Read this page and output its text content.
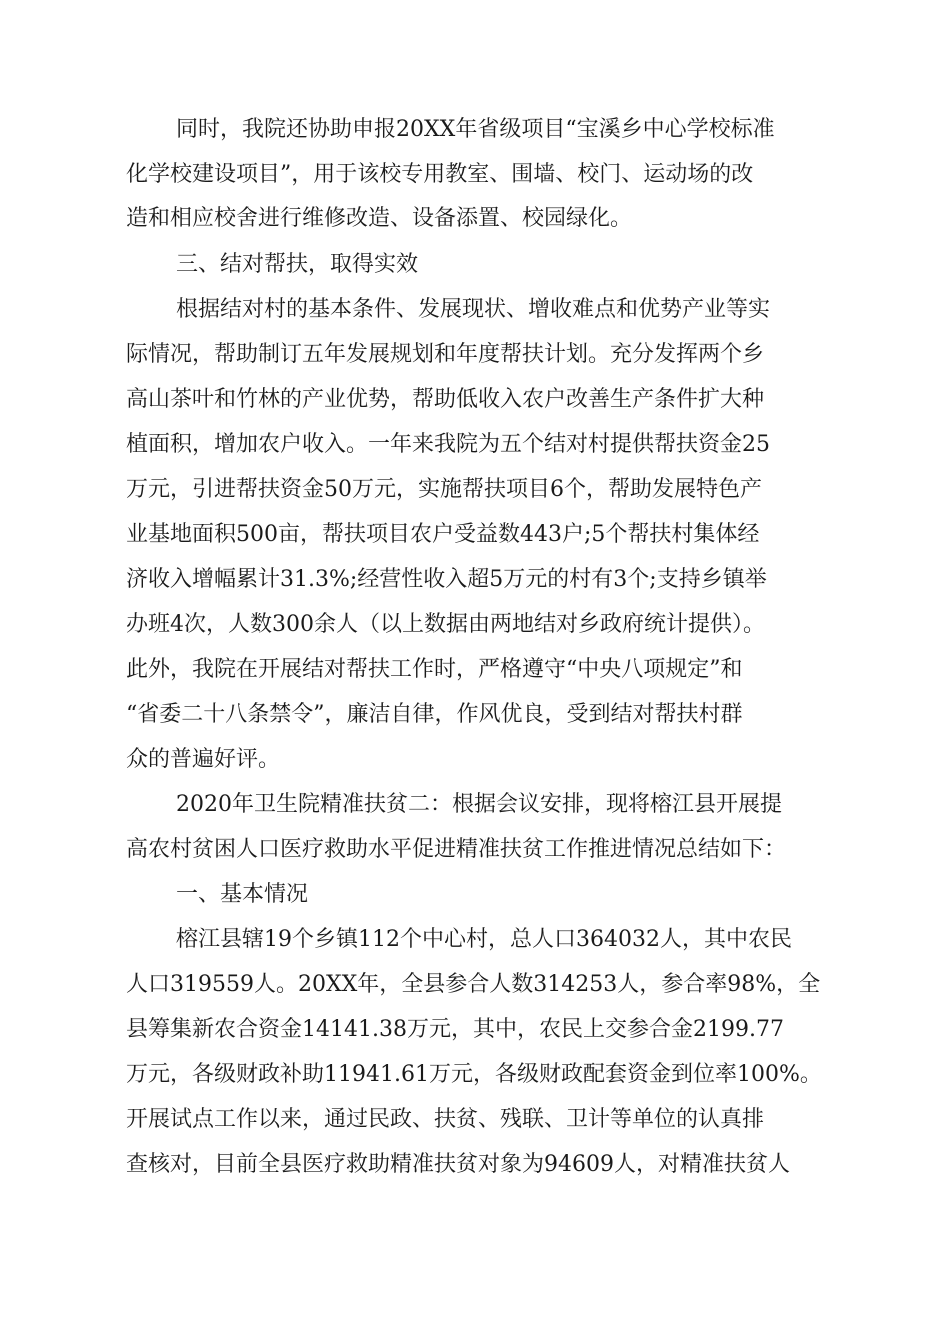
同时，我院还协助申报20XX年省级项目“宝溪乡中心学校标准
化学校建设项目”，用于该校专用教室、围墙、校门、运动场的改
造和相应校舍进行维修改造、设备添置、校园绿化。
三、结对帮扶，取得实效
根据结对村的基本条件、发展现状、增收难点和优势产业等实
际情况，帮助制订五年发展规划和年度帮扶计划。充分发挥两个乡
高山茶叶和竹林的产业优势，帮助低收入农户改善生产条件扩大种
植面积，增加农户收入。一年来我院为五个结对村提供帮扶资金25
万元，引进帮扶资金50万元，实施帮扶项目6个，帮助发展特色产
业基地面积500亩，帮扶项目农户受益数443户;5个帮扶村集体经
济收入增幅累计31.3%;经营性收入超5万元的村有3个;支持乡镇举
办班4次，人数300余人（以上数据由两地结对乡政府统计提供）。
此外，我院在开展结对帮扶工作时，严格遵守“中央八项规定”和
“省委二十八条禁令”，廉洁自律，作风优良，受到结对帮扶村群
众的普遍好评。
2020年卫生院精准扶贫二：根据会议安排，现将榕江县开展提
高农村贫困人口医疗救助水平促进精准扶贫工作推进情况总结如下：
一、基本情况
榕江县辖19个乡镇112个中心村，总人口364032人，其中农民
人口319559人。20XX年，全县参合人数314253人，参合率98%，全
县筹集新农合资金14141.38万元，其中，农民上交参合金2199.77
万元，各级财政补助11941.61万元，各级财政配套资金到位率100%。
开展试点工作以来，通过民政、扶贫、残联、卫计等单位的认真排
查核对，目前全县医疗救助精准扶贫对象为94609人，对精准扶贫人
